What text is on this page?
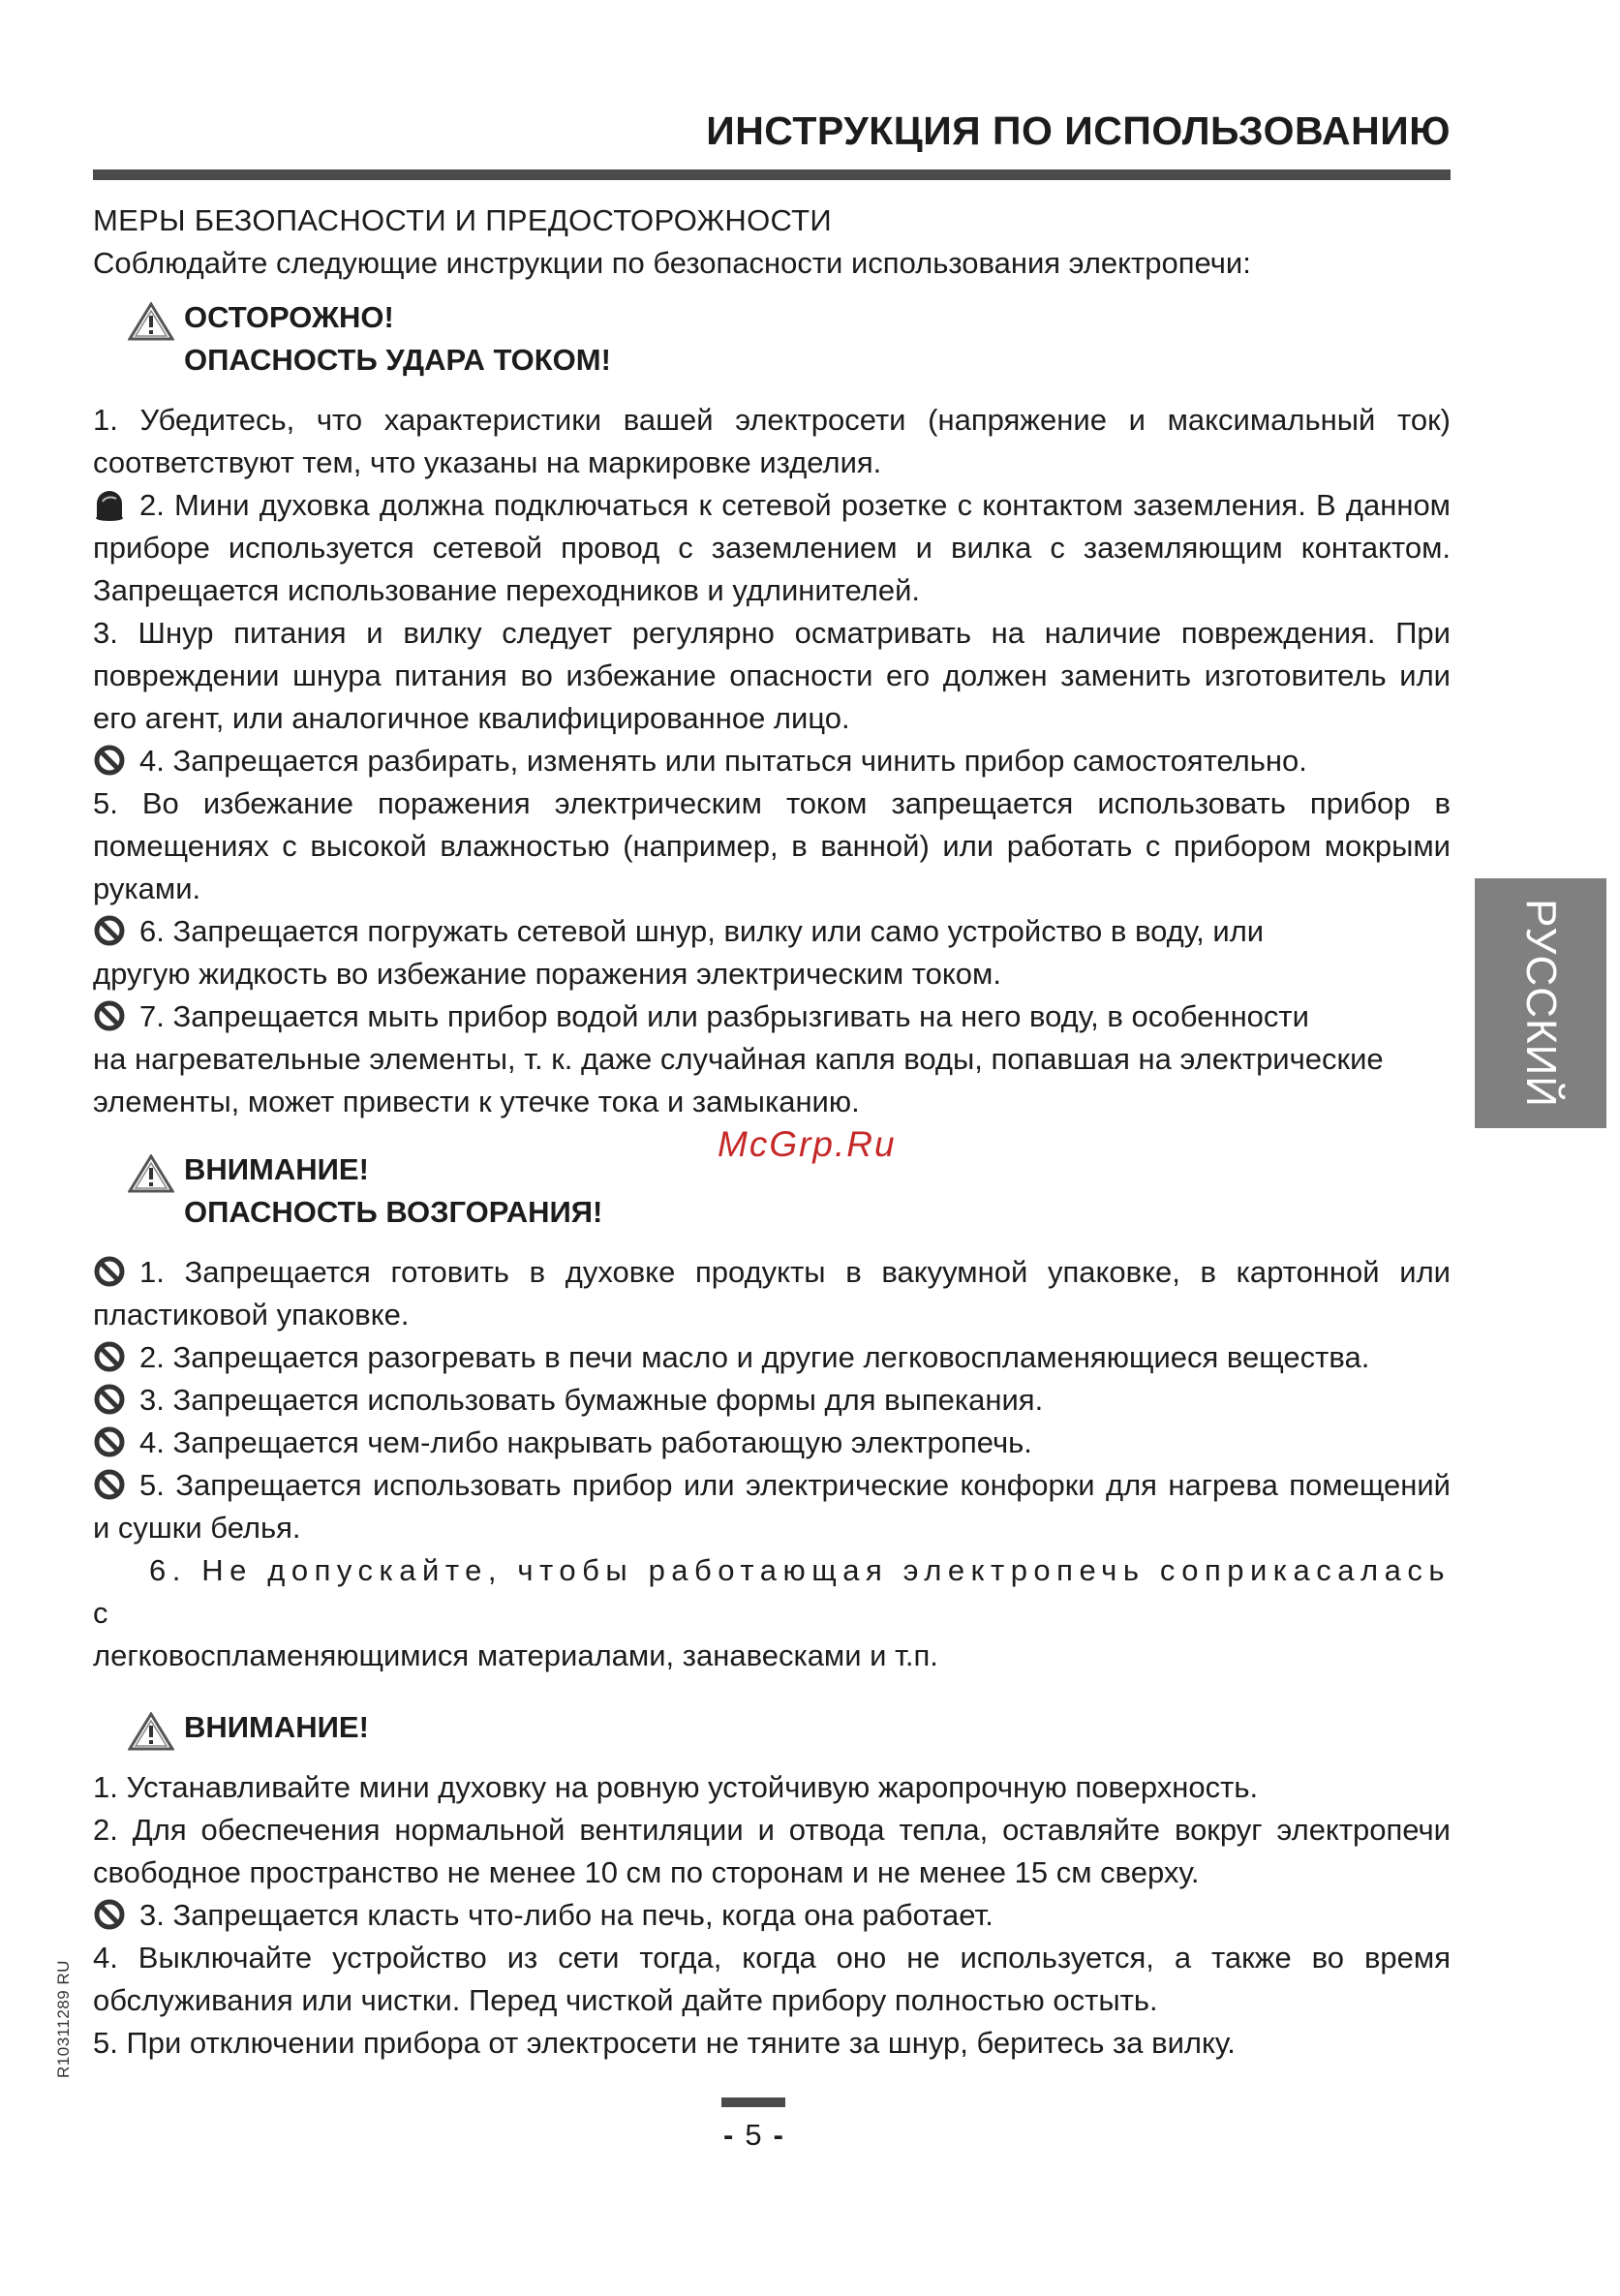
ИНСТРУКЦИЯ ПО ИСПОЛЬЗОВАНИЮ

МЕРЫ БЕЗОПАСНОСТИ И ПРЕДОСТОРОЖНОСТИ

Соблюдайте следующие инструкции по безопасности использования электропечи:

ОСТОРОЖНО!
ОПАСНОСТЬ УДАРА ТОКОМ!

1. Убедитесь, что характеристики вашей электросети (напряжение и максимальный ток) соответствуют тем, что указаны на маркировке изделия.

2. Мини духовка должна подключаться к сетевой розетке с контактом заземления. В данном приборе используется сетевой провод с заземлением и вилка с заземляющим контактом. Запрещается использование переходников и удлинителей.

3. Шнур питания и вилку следует регулярно осматривать на наличие повреждения. При повреждении шнура питания во избежание опасности его должен заменить изготовитель или его агент, или аналогичное квалифицированное лицо.

4. Запрещается разбирать, изменять или пытаться чинить прибор самостоятельно.

5. Во избежание поражения электрическим током запрещается использовать прибор в помещениях с высокой влажностью (например, в ванной) или работать с прибором мокрыми руками.

6. Запрещается погружать сетевой шнур, вилку или само устройство в воду, или

другую жидкость во избежание поражения электрическим током.

7. Запрещается мыть прибор водой или разбрызгивать на него воду, в особенности

на нагревательные элементы, т. к. даже случайная капля воды, попавшая на электрические

элементы, может привести к утечке тока и замыканию.

ВНИМАНИЕ!
ОПАСНОСТЬ ВОЗГОРАНИЯ!

1. Запрещается готовить в духовке продукты в вакуумной упаковке, в картонной или пластиковой упаковке.

2. Запрещается разогревать в печи масло и другие легковоспламеняющиеся вещества.

3. Запрещается использовать бумажные формы для выпекания.

4. Запрещается чем-либо накрывать работающую электропечь.

5. Запрещается использовать прибор или электрические конфорки для нагрева помещений и сушки белья.

6. Не допускайте, чтобы работающая электропечь соприкасалась с

легковоспламеняющимися материалами, занавесками и т.п.

ВНИМАНИЕ!

1. Устанавливайте мини духовку на ровную устойчивую жаропрочную поверхность.

2. Для обеспечения нормальной вентиляции и отвода тепла, оставляйте вокруг электропечи свободное пространство не менее 10 см по сторонам и не менее 15 см сверху.

3. Запрещается класть что-либо на печь, когда она работает.

4. Выключайте устройство из сети тогда, когда оно не используется, а также во время обслуживания или чистки. Перед чисткой дайте прибору полностью остыть.

5. При отключении прибора от электросети не тяните за шнур, беритесь за вилку.

РУССКИЙ
McGrp.Ru
R10311289 RU
- 5 -
